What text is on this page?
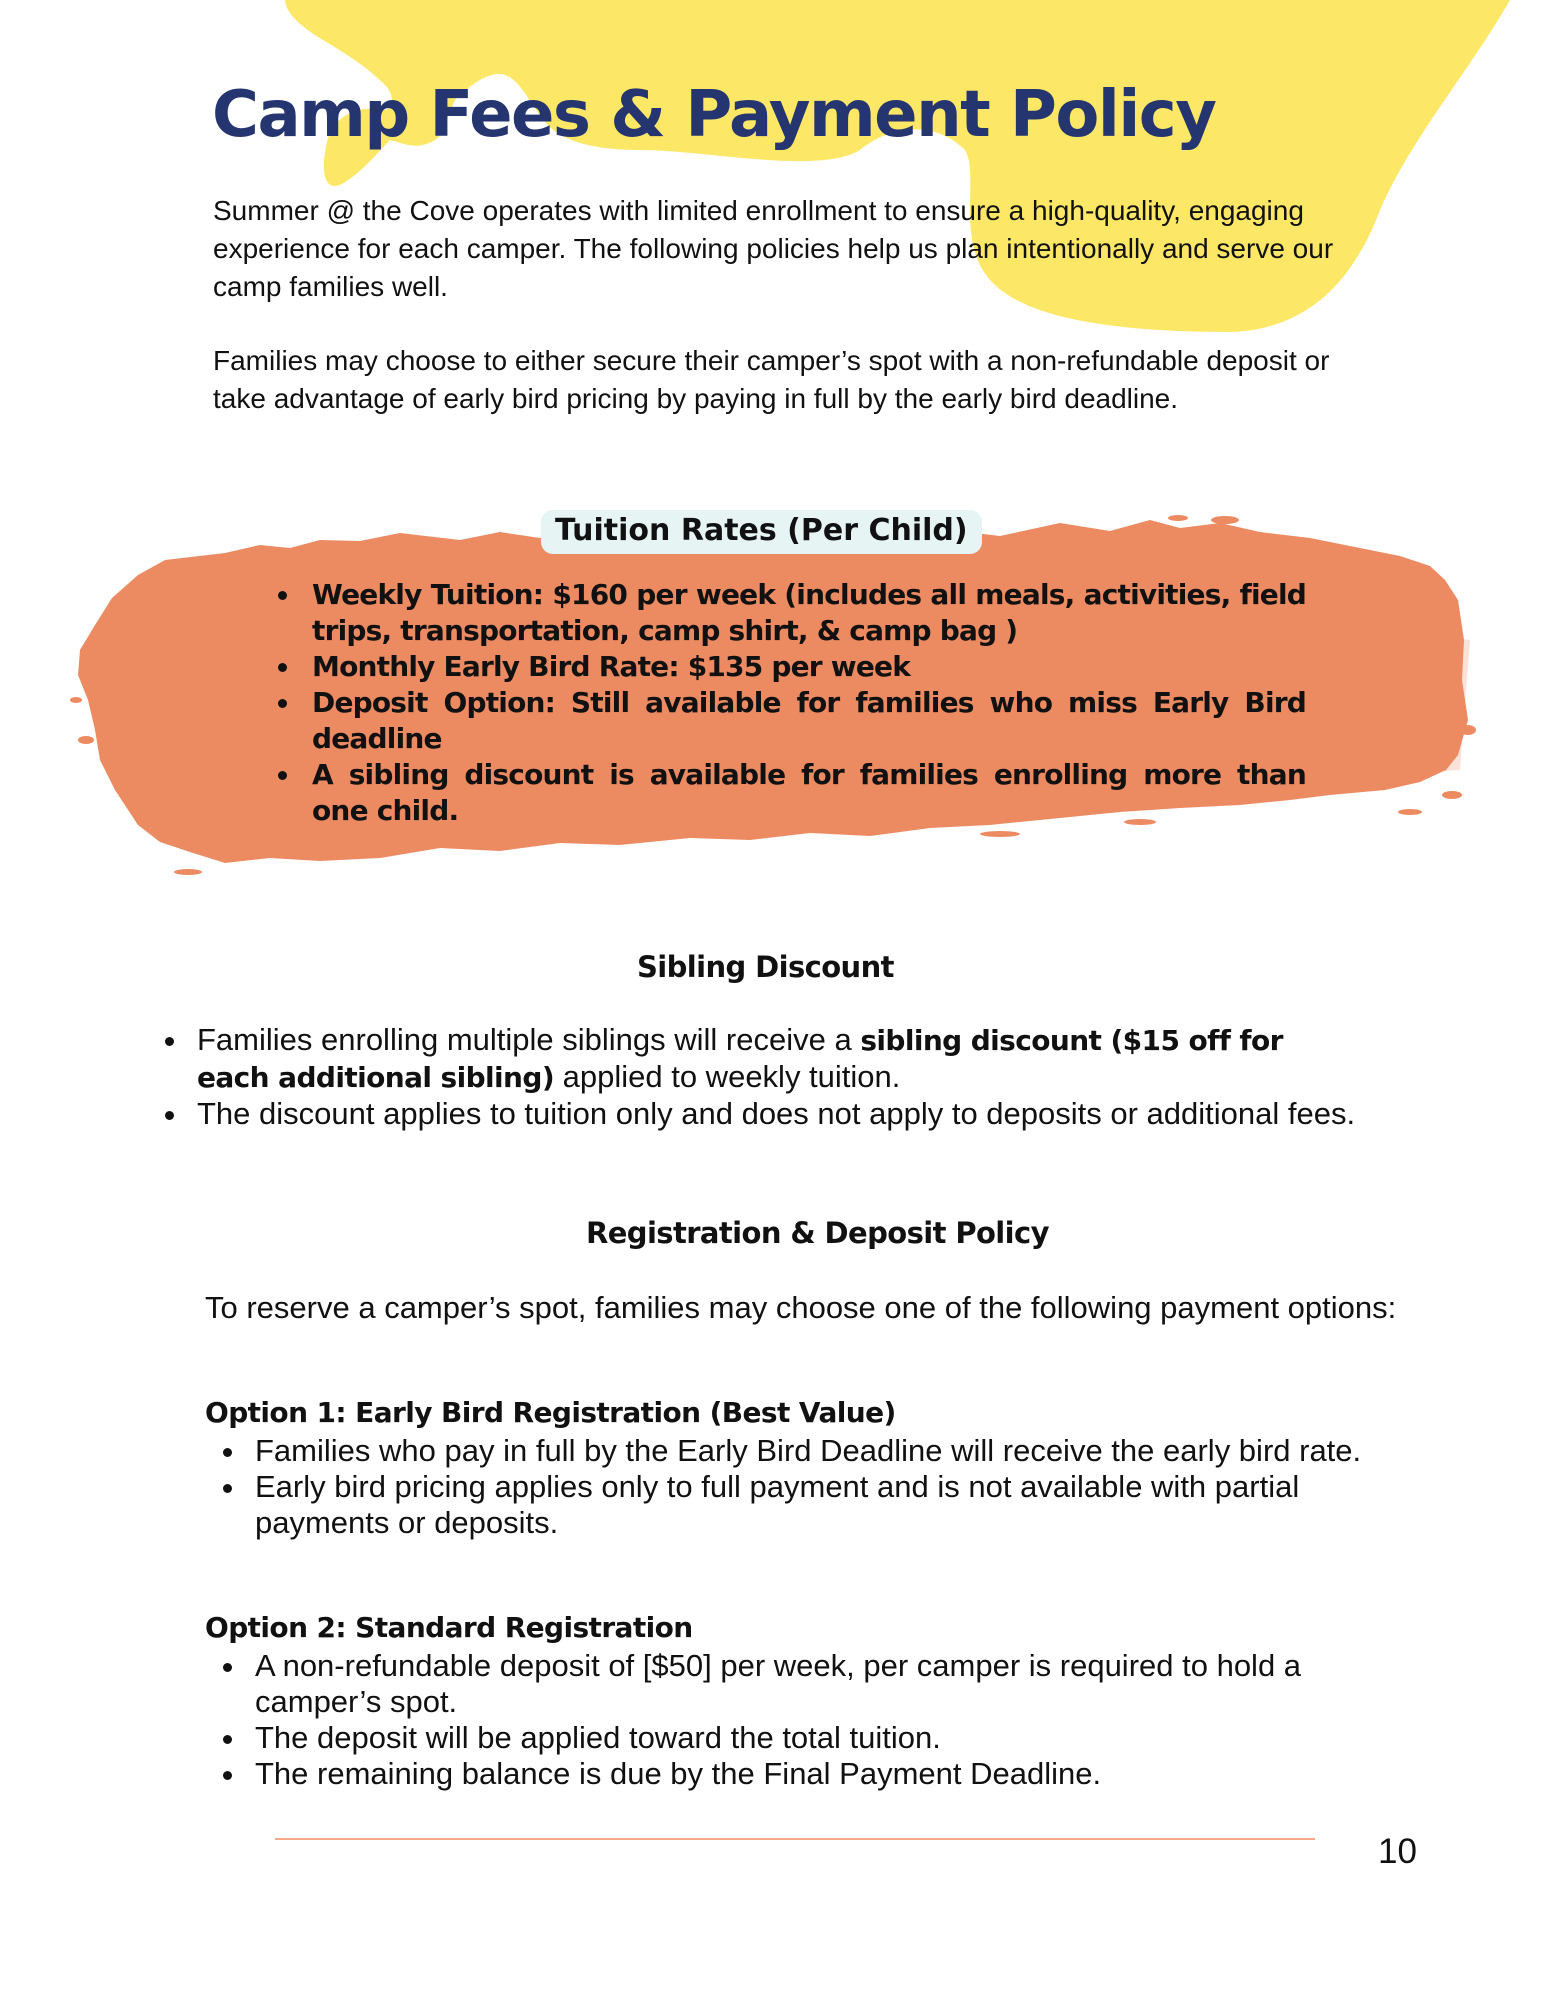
Camp Fees & Payment Policy

Summer @ the Cove operates with limited enrollment to ensure a high-quality, engaging experience for each camper. The following policies help us plan intentionally and serve our camp families well.

Families may choose to either secure their camper’s spot with a non-refundable deposit or take advantage of early bird pricing by paying in full by the early bird deadline.

Tuition Rates (Per Child)
Weekly Tuition: $160 per week (includes all meals, activities, field trips, transportation, camp shirt, & camp bag )
Monthly Early Bird Rate: $135 per week
Deposit Option: Still available for families who miss Early Bird deadline
A sibling discount is available for families enrolling more than one child.
Sibling Discount
Families enrolling multiple siblings will receive a sibling discount ($15 off for each additional sibling) applied to weekly tuition.
The discount applies to tuition only and does not apply to deposits or additional fees.
Registration & Deposit Policy

To reserve a camper’s spot, families may choose one of the following payment options:

Option 1: Early Bird Registration (Best Value)
Families who pay in full by the Early Bird Deadline will receive the early bird rate.
Early bird pricing applies only to full payment and is not available with partial payments or deposits.
Option 2: Standard Registration
A non-refundable deposit of [$50] per week, per camper is required to hold a camper’s spot.
The deposit will be applied toward the total tuition.
The remaining balance is due by the Final Payment Deadline.
10
